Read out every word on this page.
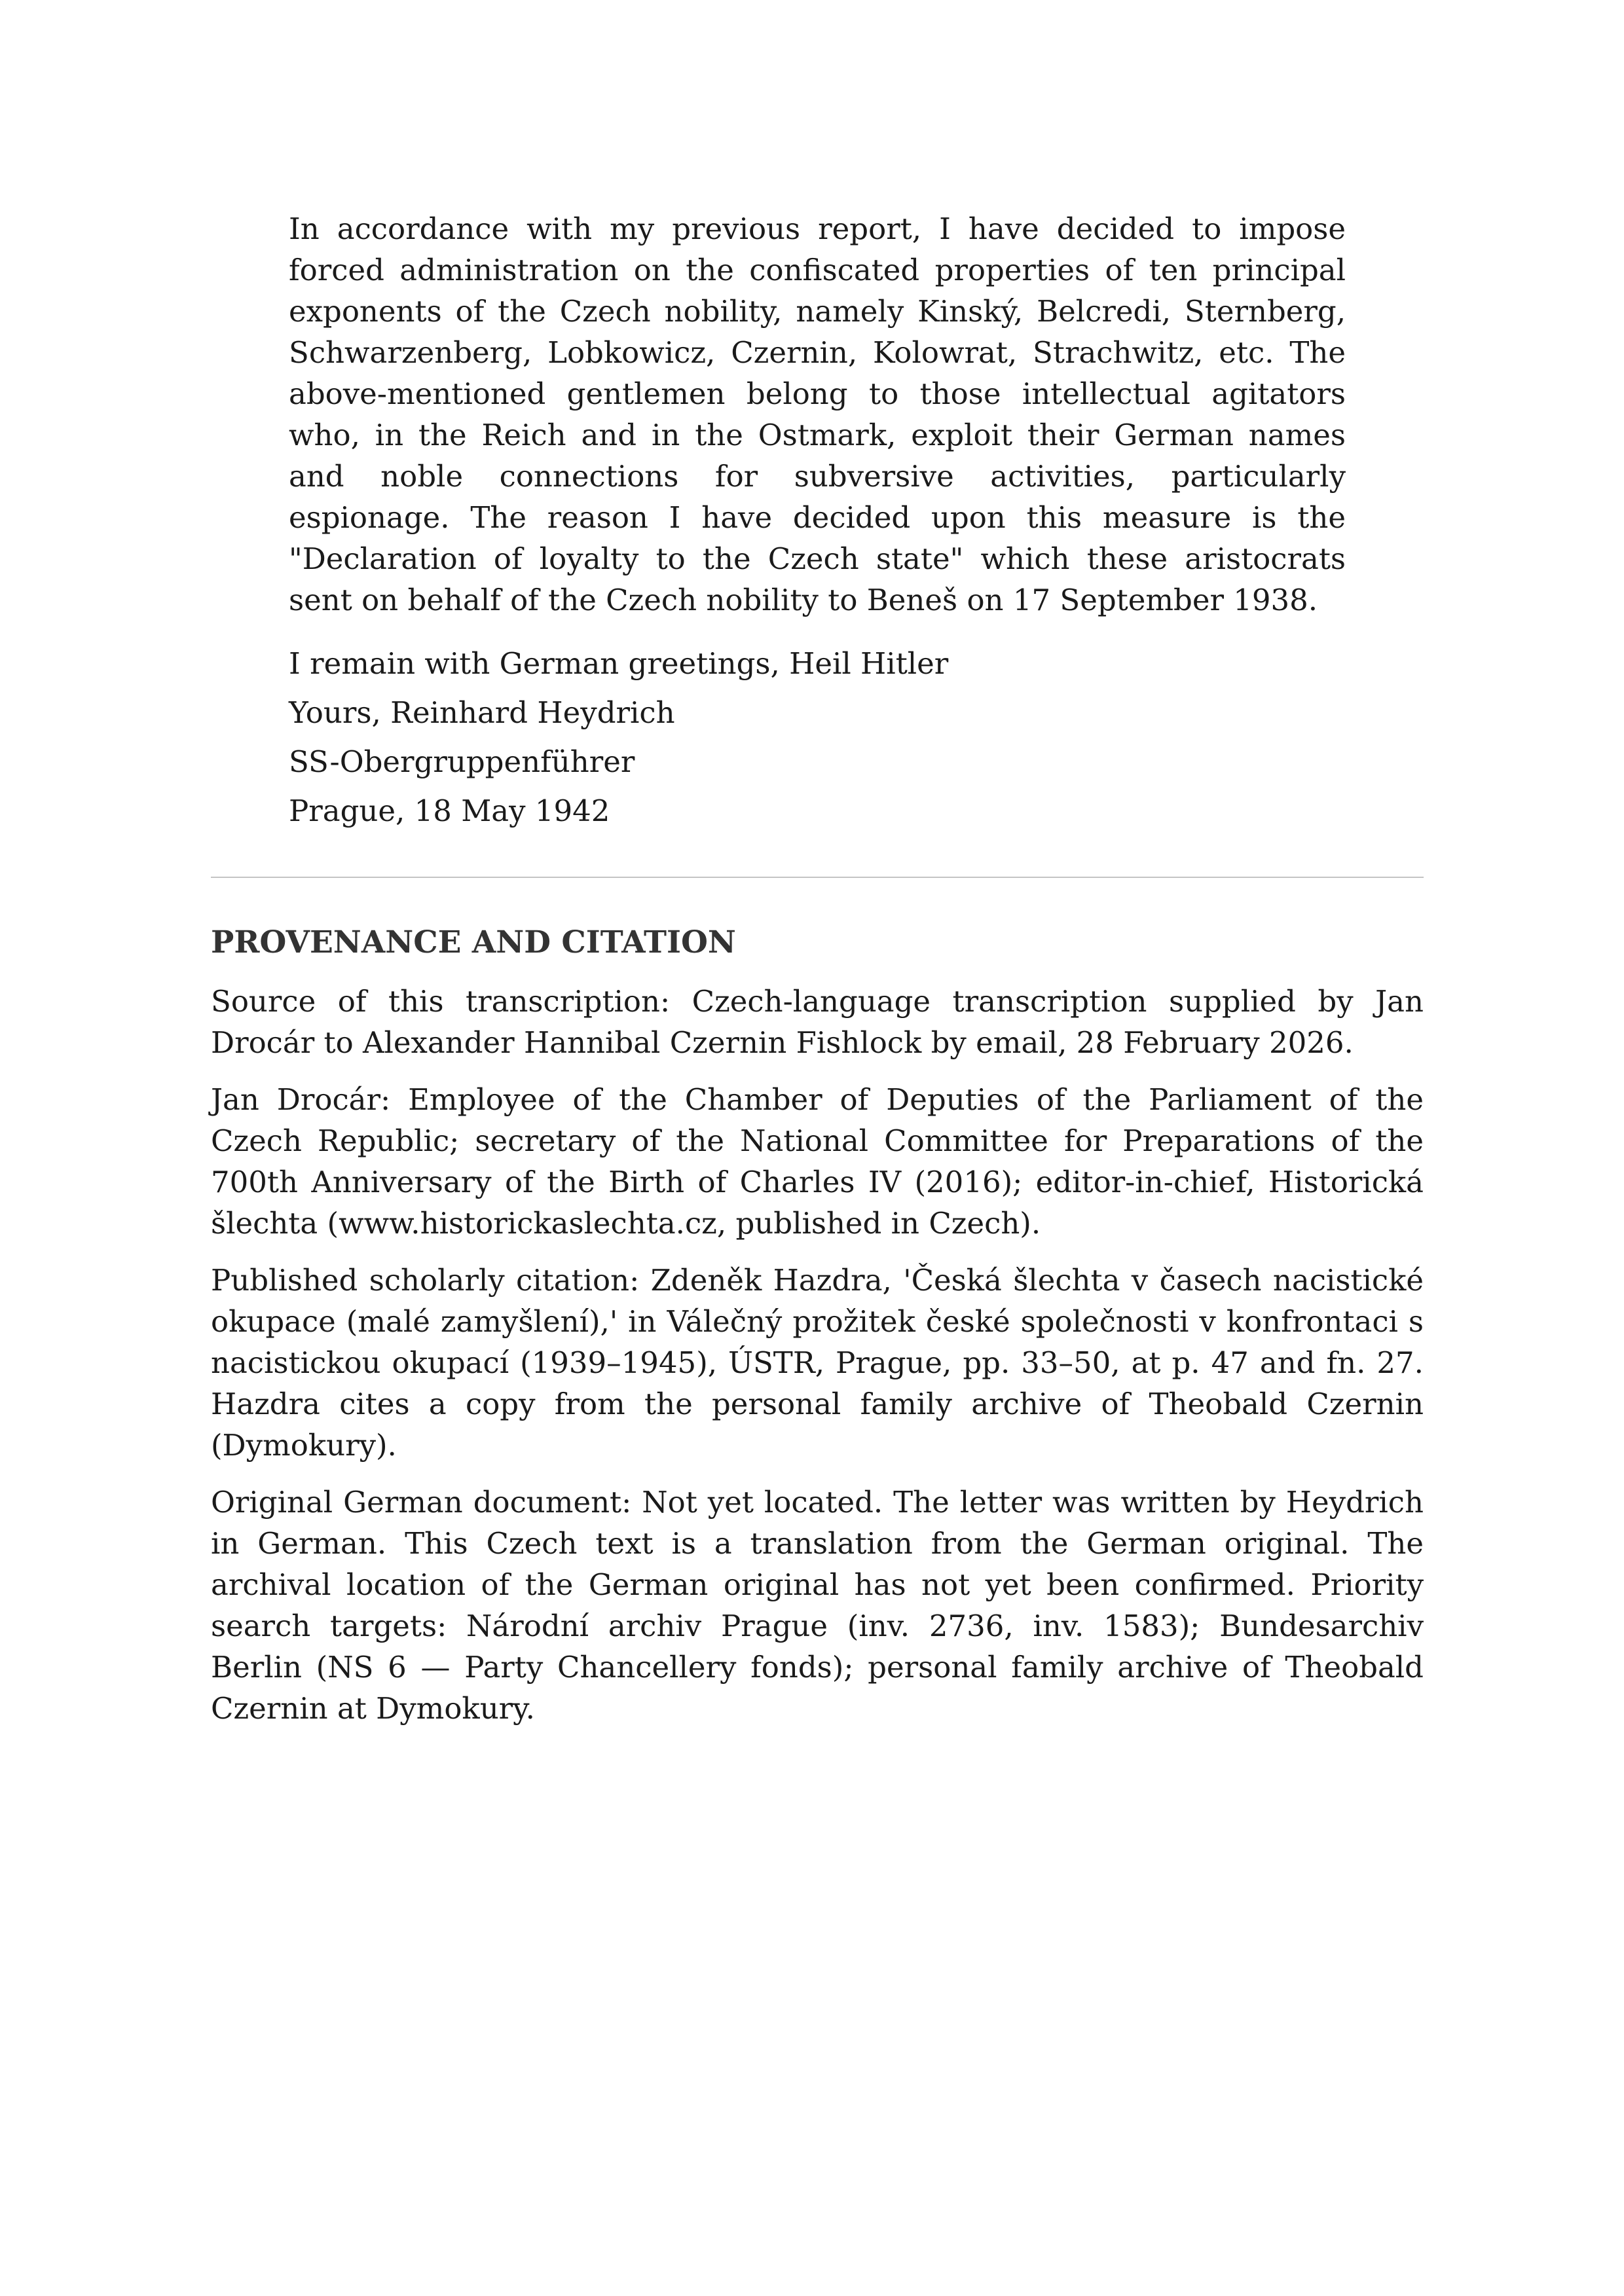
In accordance with my previous report, I have decided to impose forced administration on the confiscated properties of ten principal exponents of the Czech nobility, namely Kinský, Belcredi, Sternberg, Schwarzenberg, Lobkowicz, Czernin, Kolowrat, Strachwitz, etc. The above-mentioned gentlemen belong to those intellectual agitators who, in the Reich and in the Ostmark, exploit their German names and noble connections for subversive activities, particularly espionage. The reason I have decided upon this measure is the "Declaration of loyalty to the Czech state" which these aristocrats sent on behalf of the Czech nobility to Beneš on 17 September 1938.

I remain with German greetings, Heil Hitler

Yours, Reinhard Heydrich

SS-Obergruppenführer

Prague, 18 May 1942

PROVENANCE AND CITATION

Source of this transcription: Czech-language transcription supplied by Jan Drocár to Alexander Hannibal Czernin Fishlock by email, 28 February 2026.

Jan Drocár: Employee of the Chamber of Deputies of the Parliament of the Czech Republic; secretary of the National Committee for Preparations of the 700th Anniversary of the Birth of Charles IV (2016); editor-in-chief, Historická šlechta (www.historickaslechta.cz, published in Czech).

Published scholarly citation: Zdeněk Hazdra, 'Česká šlechta v časech nacistické okupace (malé zamyšlení),' in Válečný prožitek české společnosti v konfrontaci s nacistickou okupací (1939–1945), ÚSTR, Prague, pp. 33–50, at p. 47 and fn. 27. Hazdra cites a copy from the personal family archive of Theobald Czernin (Dymokury).

Original German document: Not yet located. The letter was written by Heydrich in German. This Czech text is a translation from the German original. The archival location of the German original has not yet been confirmed. Priority search targets: Národní archiv Prague (inv. 2736, inv. 1583); Bundesarchiv Berlin (NS 6 — Party Chancellery fonds); personal family archive of Theobald Czernin at Dymokury.
